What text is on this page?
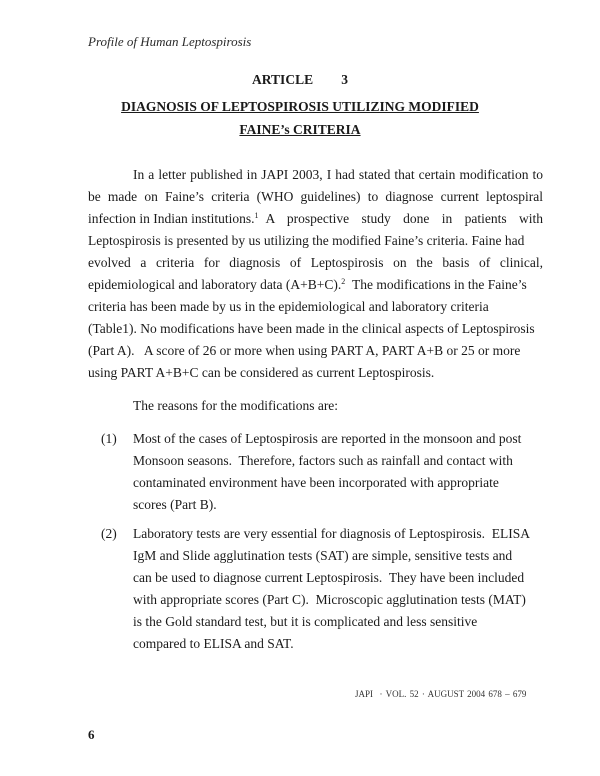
Profile of Human Leptospirosis
ARTICLE   3
DIAGNOSIS OF LEPTOSPIROSIS UTILIZING MODIFIED
FAINE’s CRITERIA
In a letter published in JAPI 2003, I had stated that certain modification to
be made on Faine’s criteria (WHO guidelines) to diagnose current leptospiral
infection in Indian institutions.$^1$ A prospective study done in patients with
Leptospirosis is presented by us utilizing the modified Faine’s criteria. Faine had
evolved a criteria for diagnosis of Leptospirosis on the basis of clinical,
epidemiological and laboratory data (A+B+C).$^2$ The modifications in the Faine’s
criteria has been made by us in the epidemiological and laboratory criteria
(Table1). No modifications have been made in the clinical aspects of Leptospirosis
(Part A).   A score of 26 or more when using PART A, PART A+B or 25 or more
using PART A+B+C can be considered as current Leptospirosis.
The reasons for the modifications are:
(1) Most of the cases of Leptospirosis are reported in the monsoon and post
Monsoon seasons.  Therefore, factors such as rainfall and contact with
contaminated environment have been incorporated with appropriate
scores (Part B).
(2) Laboratory tests are very essential for diagnosis of Leptospirosis.  ELISA
IgM and Slide agglutination tests (SAT) are simple, sensitive tests and
can be used to diagnose current Leptospirosis.  They have been included
with appropriate scores (Part C).  Microscopic agglutination tests (MAT)
is the Gold standard test, but it is complicated and less sensitive
compared to ELISA and SAT.
JAPI  · VOL. 52 · AUGUST 2004 678 – 679
6
